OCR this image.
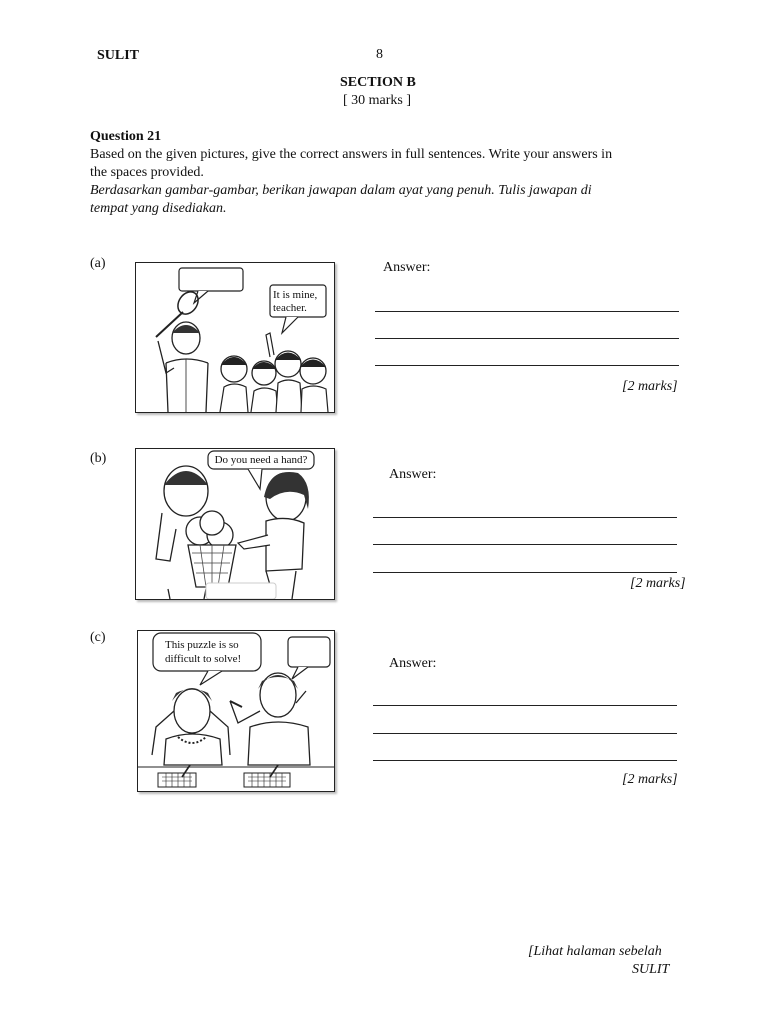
SULIT	8
SECTION B
[ 30 marks ]
Question 21
Based on the given pictures, give the correct answers in full sentences. Write your answers in
the spaces provided.
Berdasarkan gambar-gambar, berikan jawapan dalam ayat yang penuh. Tulis jawapan di
tempat yang disediakan.
(a)
It is mine,
teacher.
Answer:
[2 marks]
(b)	Do you need a hand?
Answer:
[2 marks]
(c)	This puzzle is so
difficult to solve!	Answer:
[2 marks]
[Lihat halaman sebelah
SULIT
